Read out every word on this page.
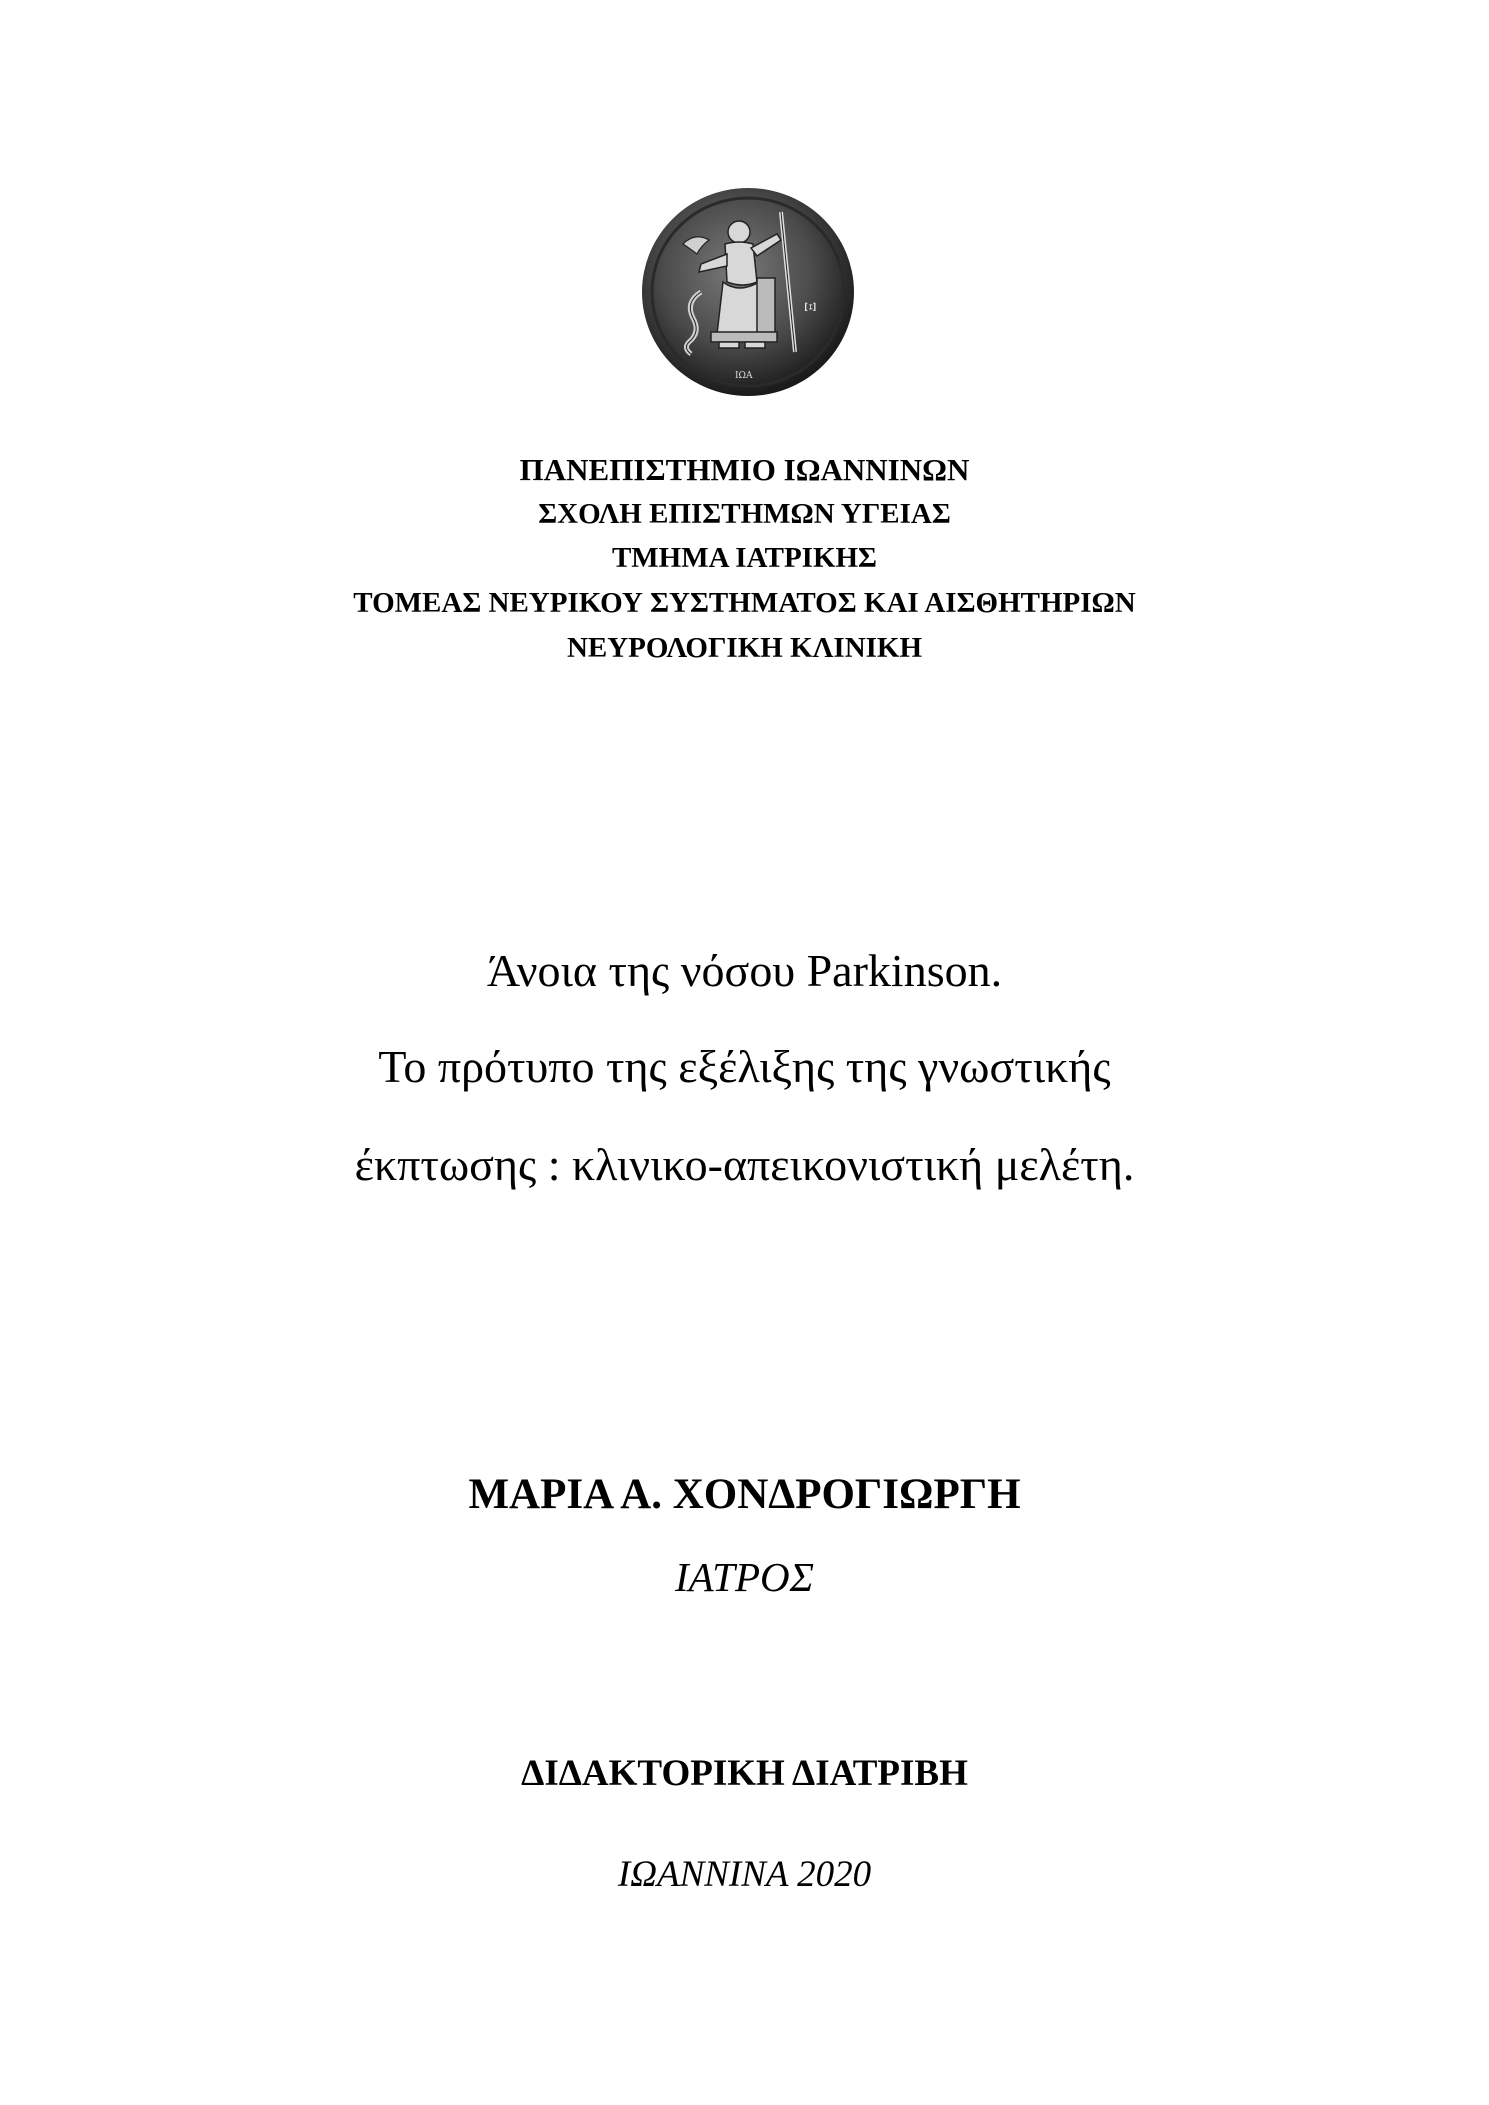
Ξ
ΙΩΑ
ΠΑΝΕΠΙΣΤΗΜΙΟ ΙΩΑΝΝΙΝΩΝ
ΣΧΟΛΗ ΕΠΙΣΤΗΜΩΝ ΥΓΕΙΑΣ
ΤΜΗΜΑ ΙΑΤΡΙΚΗΣ
ΤΟΜΕΑΣ ΝΕΥΡΙΚΟΥ ΣΥΣΤΗΜΑΤΟΣ ΚΑΙ ΑΙΣΘΗΤΗΡΙΩΝ
ΝΕΥΡΟΛΟΓΙΚΗ ΚΛΙΝΙΚΗ
Άνοια της νόσου Parkinson.
Το πρότυπο της εξέλιξης της γνωστικής
έκπτωσης : κλινικο-απεικονιστική μελέτη.
ΜΑΡΙΑ Α. ΧΟΝΔΡΟΓΙΩΡΓΗ
ΙΑΤΡΟΣ
ΔΙΔΑΚΤΟΡΙΚΗ ΔΙΑΤΡΙΒΗ
ΙΩΑΝΝΙΝΑ 2020
